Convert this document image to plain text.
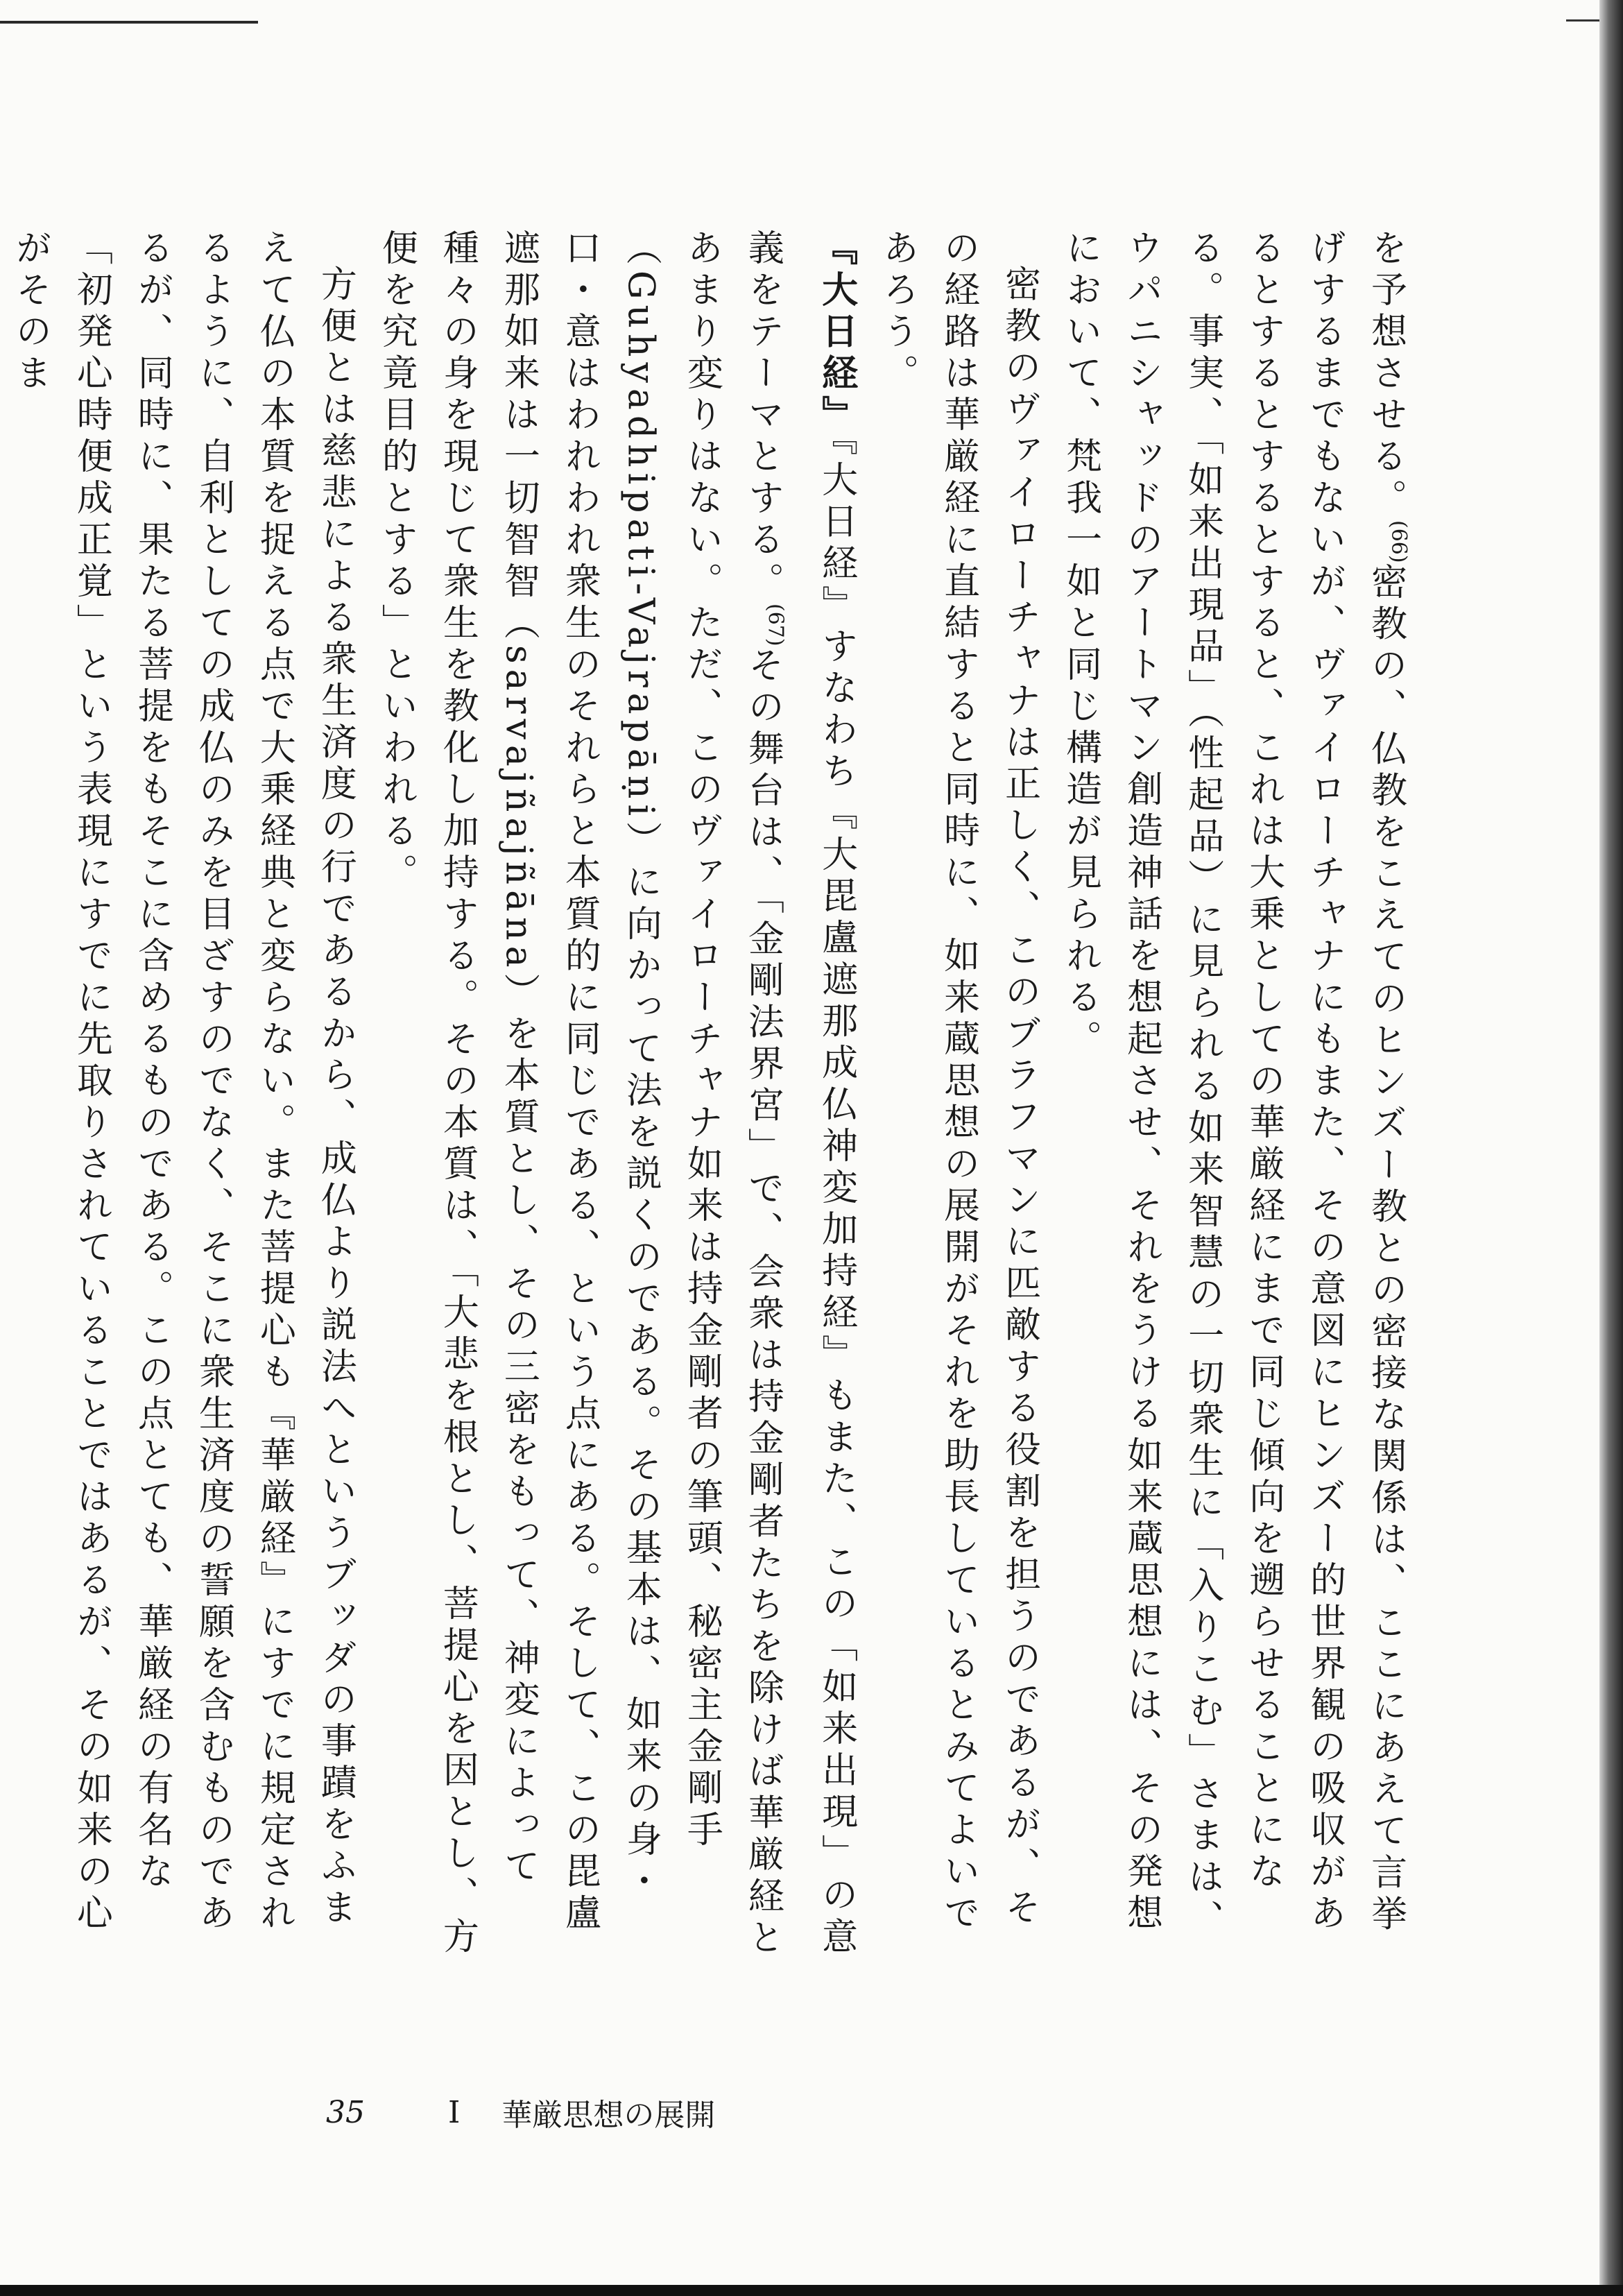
を予想させる。$^{(66)}$密教の、仏教をこえてのヒンズー教との密接な関係は、ここにあえて言挙げするまでもないが、ヴァイローチャナにもまた、その意図にヒンズー的世界観の吸収があるとするとするとすると、これは大乗としての華厳経にまで同じ傾向を遡らせることになる。事実、「如来出現品」（性起品）に見られる如来智慧の一切衆生に「入りこむ」さまは、ウパニシャッドのアートマン創造神話を想起させ、それをうける如来蔵思想には、その発想において、梵我一如と同じ構造が見られる。

密教のヴァイローチャナは正しく、このブラフマンに匹敵する役割を担うのであるが、その経路は華厳経に直結すると同時に、如来蔵思想の展開がそれを助長しているとみてよいであろう。

『大日経』『大日経』すなわち『大毘盧遮那成仏神変加持経』もまた、この「如来出現」の意義をテーマとする。$^{(67)}$その舞台は、「金剛法界宮」で、会衆は持金剛者たちを除けば華厳経とあまり変りはない。ただ、このヴァイローチャナ如来は持金剛者の筆頭、秘密主金剛手（Guhyadhipati-Vajrapāṇi）に向かって法を説くのである。その基本は、如来の身・口・意はわれわれ衆生のそれらと本質的に同じである、という点にある。そして、この毘盧遮那如来は一切智智（sarvajñajñāna）を本質とし、その三密をもって、神変によって種々の身を現じて衆生を教化し加持する。その本質は、「大悲を根とし、菩提心を因とし、方便を究竟目的とする」といわれる。

方便とは慈悲による衆生済度の行であるから、成仏より説法へというブッダの事蹟をふまえて仏の本質を捉える点で大乗経典と変らない。また菩提心も『華厳経』にすでに規定されるように、自利としての成仏のみを目ざすのでなく、そこに衆生済度の誓願を含むものであるが、同時に、果たる菩提をもそこに含めるものである。この点とても、華厳経の有名な「初発心時便成正覚」という表現にすでに先取りされていることではあるが、その如来の心がそのま

35	I 華厳思想の展開
